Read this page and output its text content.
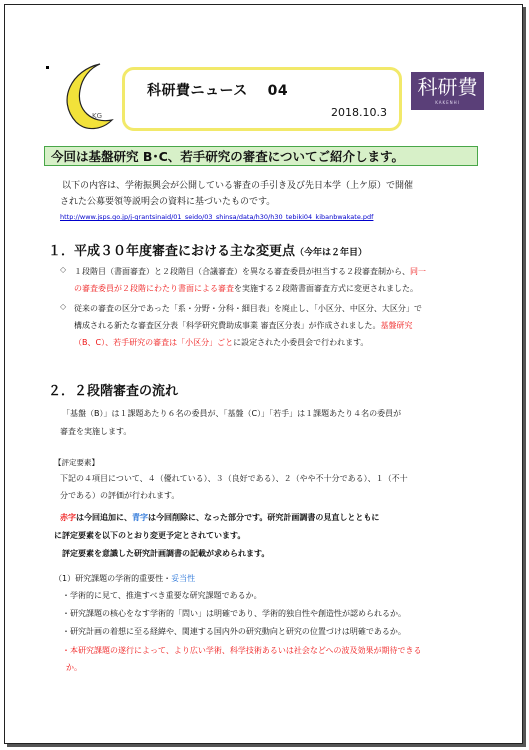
KG
科研費ニュース　 04
2018.10.3
科研費
KAKENHI
今回は基盤研究 B･C、若手研究の審査についてご紹介します。
以下の内容は、学術振興会が公開している審査の手引き及び先日本学（上ケ原）で開催
された公募要領等説明会の資料に基づいたものです。
http://www.jsps.go.jp/j-grantsinaid/01_seido/03_shinsa/data/h30/h30_tebiki04_kibanbwakate.pdf
１．平成３０年度審査における主な変更点（今年は２年目）
◇ １段階目（書面審査）と２段階目（合議審査）を異なる審査委員が担当する２段審査制から、同一
の審査委員が２段階にわたり書面による審査を実施する２段階書面審査方式に変更されました。
◇ 従来の審査の区分であった「系・分野・分科・細目表」を廃止し、「小区分、中区分、大区分」で
構成される新たな審査区分表「科学研究費助成事業 審査区分表」が作成されました。基盤研究
（B、C）、若手研究の審査は「小区分」ごとに設定された小委員会で行われます。
２．２段階審査の流れ
「基盤（B）」は１課題あたり６名の委員が、「基盤（C）」「若手」は１課題あたり４名の委員が
審査を実施します。
【評定要素】
下記の４項目について、４（優れている）、３（良好である）、２（やや不十分である）、１（不十
分である）の評価が行われます。
赤字は今回追加に、青字は今回削除に、なった部分です。研究計画調書の見直しとともに
に評定要素を以下のとおり変更予定とされています。
評定要素を意識した研究計画調書の記載が求められます。
（1）研究課題の学術的重要性・妥当性
・学術的に見て、推進すべき重要な研究課題であるか。
・研究課題の核心をなす学術的「問い」は明確であり、学術的独自性や創造性が認められるか。
・研究計画の着想に至る経緯や、関連する国内外の研究動向と研究の位置づけは明確であるか。
・本研究課題の遂行によって、より広い学術、科学技術あるいは社会などへの波及効果が期待できる
か。
